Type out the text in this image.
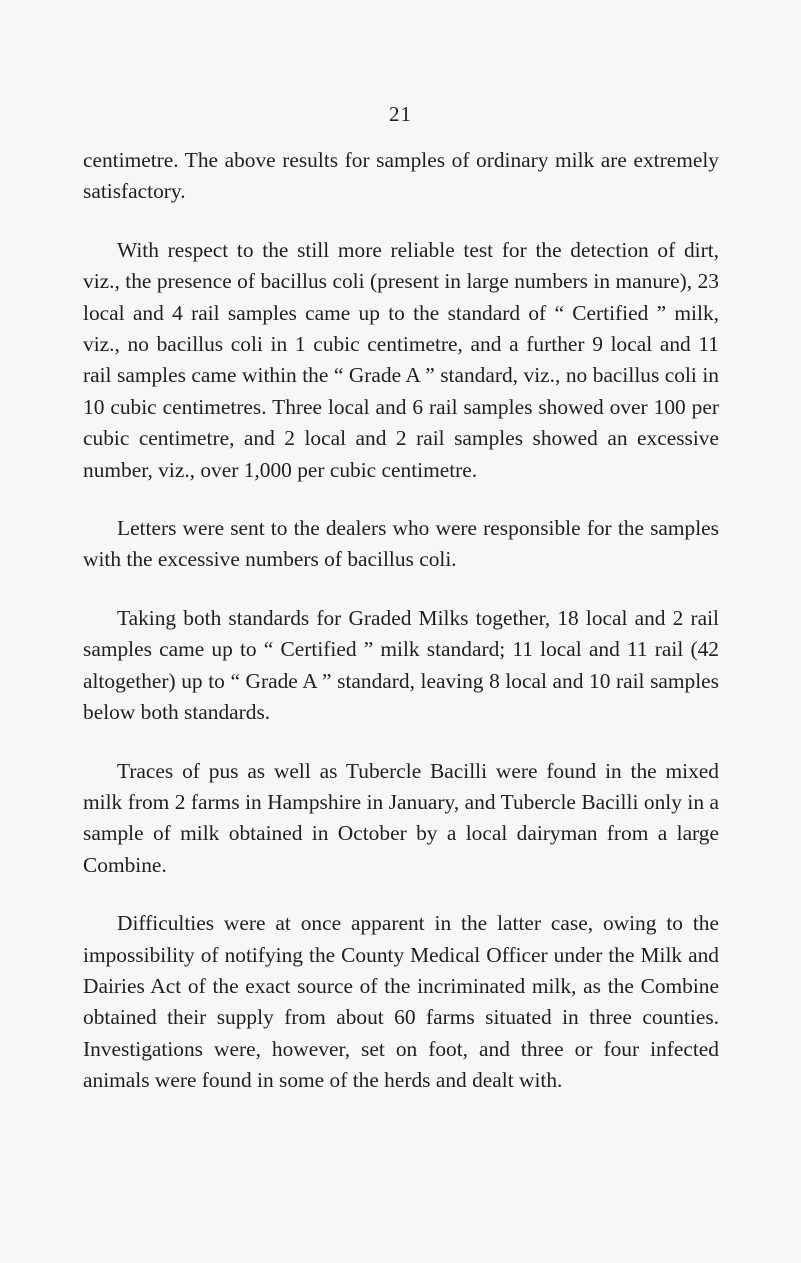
21

centimetre. The above results for samples of ordinary milk are extremely satisfactory.

With respect to the still more reliable test for the detection of dirt, viz., the presence of bacillus coli (present in large numbers in manure), 23 local and 4 rail samples came up to the standard of “ Certified ” milk, viz., no bacillus coli in 1 cubic centimetre, and a further 9 local and 11 rail samples came within the “ Grade A ” standard, viz., no bacillus coli in 10 cubic centimetres. Three local and 6 rail samples showed over 100 per cubic centimetre, and 2 local and 2 rail samples showed an excessive number, viz., over 1,000 per cubic centimetre.

Letters were sent to the dealers who were responsible for the samples with the excessive numbers of bacillus coli.

Taking both standards for Graded Milks together, 18 local and 2 rail samples came up to “ Certified ” milk standard; 11 local and 11 rail (42 altogether) up to “ Grade A ” standard, leaving 8 local and 10 rail samples below both standards.

Traces of pus as well as Tubercle Bacilli were found in the mixed milk from 2 farms in Hampshire in January, and Tubercle Bacilli only in a sample of milk obtained in October by a local dairyman from a large Combine.

Difficulties were at once apparent in the latter case, owing to the impossibility of notifying the County Medical Officer under the Milk and Dairies Act of the exact source of the incriminated milk, as the Combine obtained their supply from about 60 farms situated in three counties. Investigations were, however, set on foot, and three or four infected animals were found in some of the herds and dealt with.
